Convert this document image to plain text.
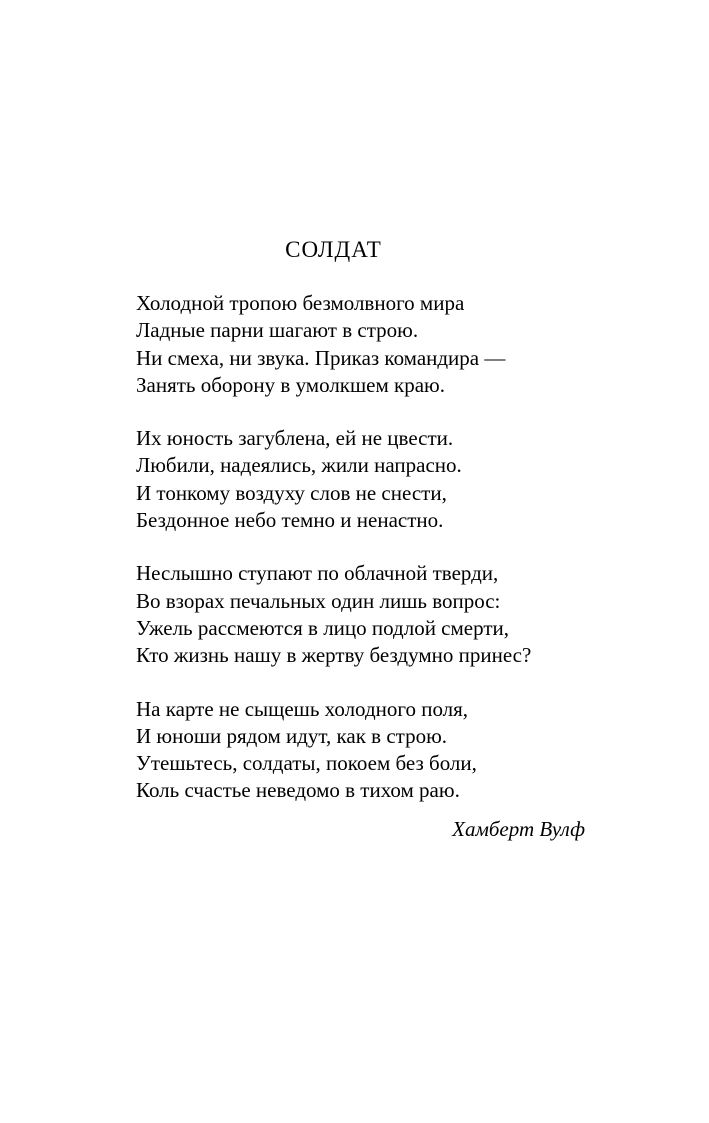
СОЛДАТ
Холодной тропою безмолвного мира
Ладные парни шагают в строю.
Ни смеха, ни звука. Приказ командира —
Занять оборону в умолкшем краю.
Их юность загублена, ей не цвести.
Любили, надеялись, жили напрасно.
И тонкому воздуху слов не снести,
Бездонное небо темно и ненастно.
Неслышно ступают по облачной тверди,
Во взорах печальных один лишь вопрос:
Ужель рассмеются в лицо подлой смерти,
Кто жизнь нашу в жертву бездумно принес?
На карте не сыщешь холодного поля,
И юноши рядом идут, как в строю.
Утешьтесь, солдаты, покоем без боли,
Коль счастье неведомо в тихом раю.
Хамберт Вулф
